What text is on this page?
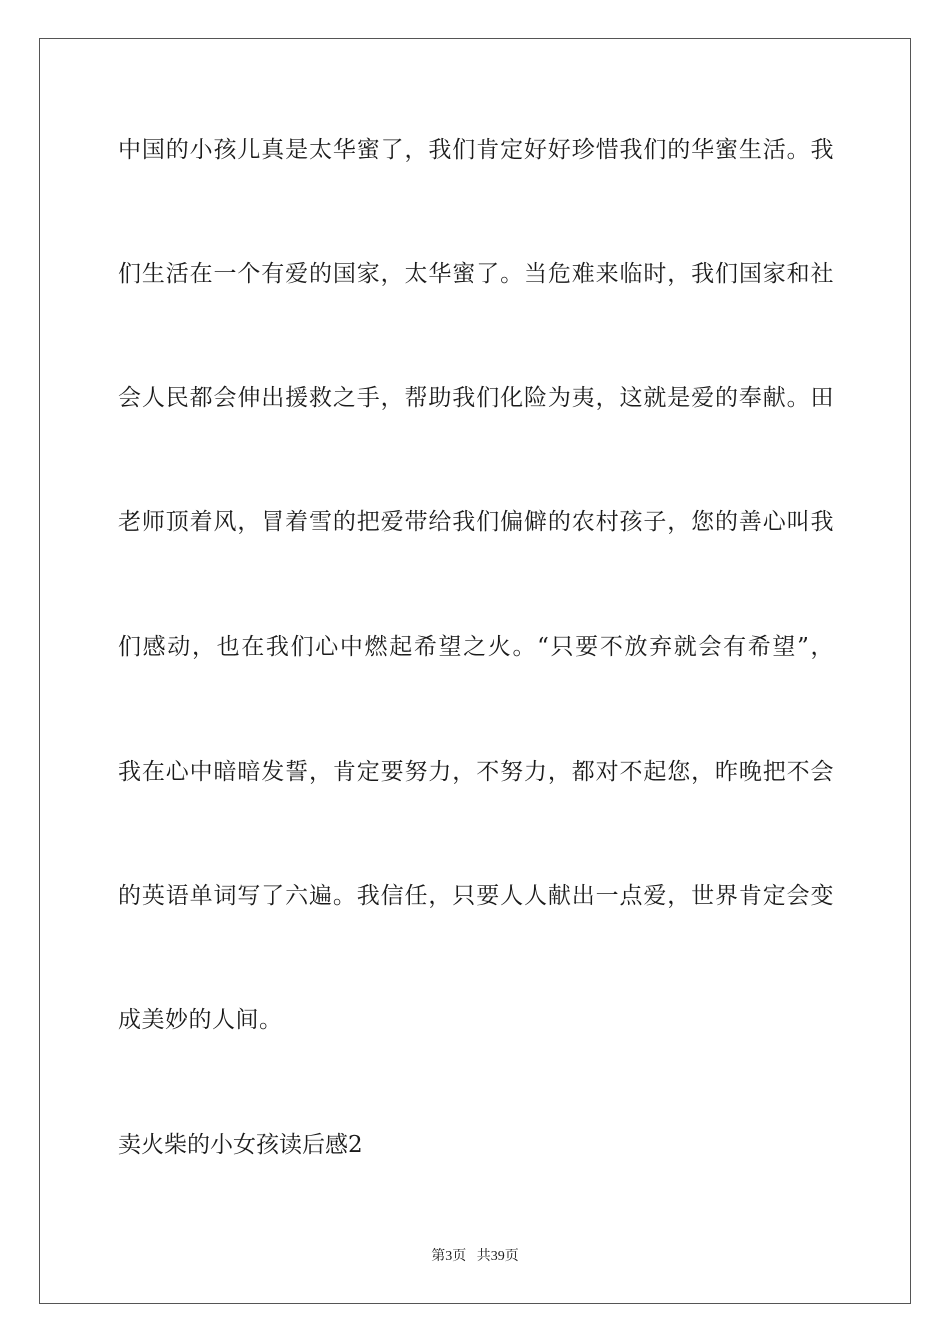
中国的小孩儿真是太华蜜了，我们肯定好好珍惜我们的华蜜生活。我
们生活在一个有爱的国家，太华蜜了。当危难来临时，我们国家和社
会人民都会伸出援救之手，帮助我们化险为夷，这就是爱的奉献。田
老师顶着风，冒着雪的把爱带给我们偏僻的农村孩子，您的善心叫我
们感动，也在我们心中燃起希望之火。“只要不放弃就会有希望”，
我在心中暗暗发誓，肯定要努力，不努力，都对不起您，昨晚把不会
的英语单词写了六遍。我信任，只要人人献出一点爱，世界肯定会变
成美妙的人间。
卖火柴的小女孩读后感2
第3页   共39页
